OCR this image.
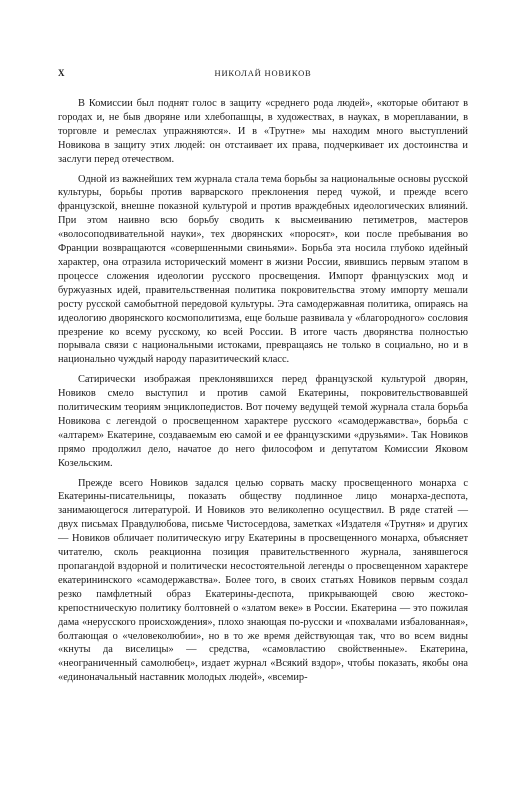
X	НИКОЛАЙ НОВИКОВ

В Комиссии был поднят голос в защиту «среднего рода людей», «которые обитают в городах и, не быв дворяне или хлебопашцы, в художествах, в науках, в мореплавании, в торговле и ремеслах упражняются». И в «Трутне» мы находим много выступлений Новикова в защиту этих людей: он отстаивает их права, подчеркивает их достоинства и заслуги перед отечеством.

Одной из важнейших тем журнала стала тема борьбы за национальные основы русской культуры, борьбы против варварского преклонения перед чужой, и прежде всего французской, внешне показной культурой и против враждебных идеологических влияний. При этом наивно всю борьбу сводить к высмеиванию петиметров, мастеров «волосоподвивательной науки», тех дворянских «поросят», кои после пребывания во Франции возвращаются «совершенными свиньями». Борьба эта носила глубоко идейный характер, она отразила исторический момент в жизни России, явившись первым этапом в процессе сложения идеологии русского просвещения. Импорт французских мод и буржуазных идей, правительственная политика покровительства этому импорту мешали росту русской самобытной передовой культуры. Эта самодержавная политика, опираясь на идеологию дворянского космополитизма, еще больше развивала у «благородного» сословия презрение ко всему русскому, ко всей России. В итоге часть дворянства полностью порывала связи с национальными истоками, превращаясь не только в социально, но и в национально чуждый народу паразитический класс.

Сатирически изображая преклонявшихся перед французской культурой дворян, Новиков смело выступил и против самой Екатерины, покровительствовавшей политическим теориям энциклопедистов. Вот почему ведущей темой журнала стала борьба Новикова с легендой о просвещенном характере русского «самодержавства», борьба с «алтарем» Екатерине, создаваемым ею самой и ее французскими «друзьями». Так Новиков прямо продолжил дело, начатое до него философом и депутатом Комиссии Яковом Козельским.

Прежде всего Новиков задался целью сорвать маску просвещенного монарха с Екатерины-писательницы, показать обществу подлинное лицо монарха-деспота, занимающегося литературой. И Новиков это великолепно осуществил. В ряде статей — двух письмах Правдулюбова, письме Чистосердова, заметках «Издателя «Трутня» и других — Новиков обличает политическую игру Екатерины в просвещенного монарха, объясняет читателю, сколь реакционна позиция правительственного журнала, занявшегося пропагандой вздорной и политически несостоятельной легенды о просвещенном характере екатерининского «самодержавства». Более того, в своих статьях Новиков первым создал резко памфлетный образ Екатерины-деспота, прикрывающей свою жестоко-крепостническую политику болтовней о «златом веке» в России. Екатерина — это пожилая дама «нерусского происхождения», плохо знающая по-русски и «похвалами избалованная», болтающая о «человеколюбии», но в то же время действующая так, что во всем видны «кнуты да виселицы» — средства, «самовластию свойственные». Екатерина, «неограниченный самолюбец», издает журнал «Всякий вздор», чтобы показать, якобы она «единоначальный наставник молодых людей», «всемир-
